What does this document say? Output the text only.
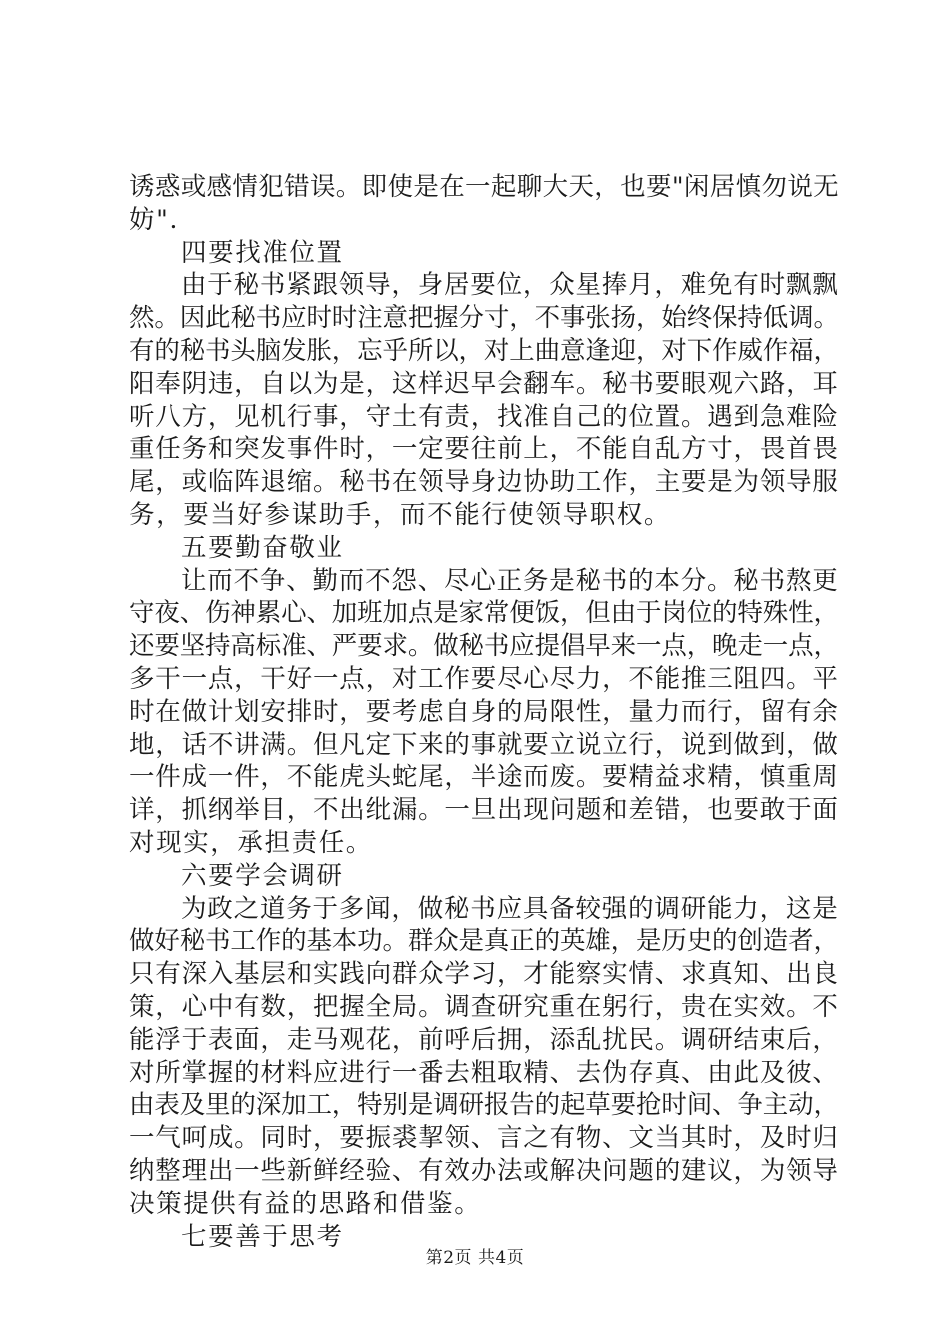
诱惑或感情犯错误。即使是在一起聊大天，也要"闲居慎勿说无
妨".
四要找准位置
由于秘书紧跟领导，身居要位，众星捧月，难免有时飘飘
然。因此秘书应时时注意把握分寸，不事张扬，始终保持低调。
有的秘书头脑发胀，忘乎所以，对上曲意逢迎，对下作威作福，
阳奉阴违，自以为是，这样迟早会翻车。秘书要眼观六路，耳
听八方，见机行事，守土有责，找准自己的位置。遇到急难险
重任务和突发事件时，一定要往前上，不能自乱方寸，畏首畏
尾，或临阵退缩。秘书在领导身边协助工作，主要是为领导服
务，要当好参谋助手，而不能行使领导职权。
五要勤奋敬业
让而不争、勤而不怨、尽心正务是秘书的本分。秘书熬更
守夜、伤神累心、加班加点是家常便饭，但由于岗位的特殊性，
还要坚持高标准、严要求。做秘书应提倡早来一点，晚走一点，
多干一点，干好一点，对工作要尽心尽力，不能推三阻四。平
时在做计划安排时，要考虑自身的局限性，量力而行，留有余
地，话不讲满。但凡定下来的事就要立说立行，说到做到，做
一件成一件，不能虎头蛇尾，半途而废。要精益求精，慎重周
详，抓纲举目，不出纰漏。一旦出现问题和差错，也要敢于面
对现实，承担责任。
六要学会调研
为政之道务于多闻，做秘书应具备较强的调研能力，这是
做好秘书工作的基本功。群众是真正的英雄，是历史的创造者，
只有深入基层和实践向群众学习，才能察实情、求真知、出良
策，心中有数，把握全局。调查研究重在躬行，贵在实效。不
能浮于表面，走马观花，前呼后拥，添乱扰民。调研结束后，
对所掌握的材料应进行一番去粗取精、去伪存真、由此及彼、
由表及里的深加工，特别是调研报告的起草要抢时间、争主动，
一气呵成。同时，要振裘挈领、言之有物、文当其时，及时归
纳整理出一些新鲜经验、有效办法或解决问题的建议，为领导
决策提供有益的思路和借鉴。
七要善于思考
第2页 共4页
